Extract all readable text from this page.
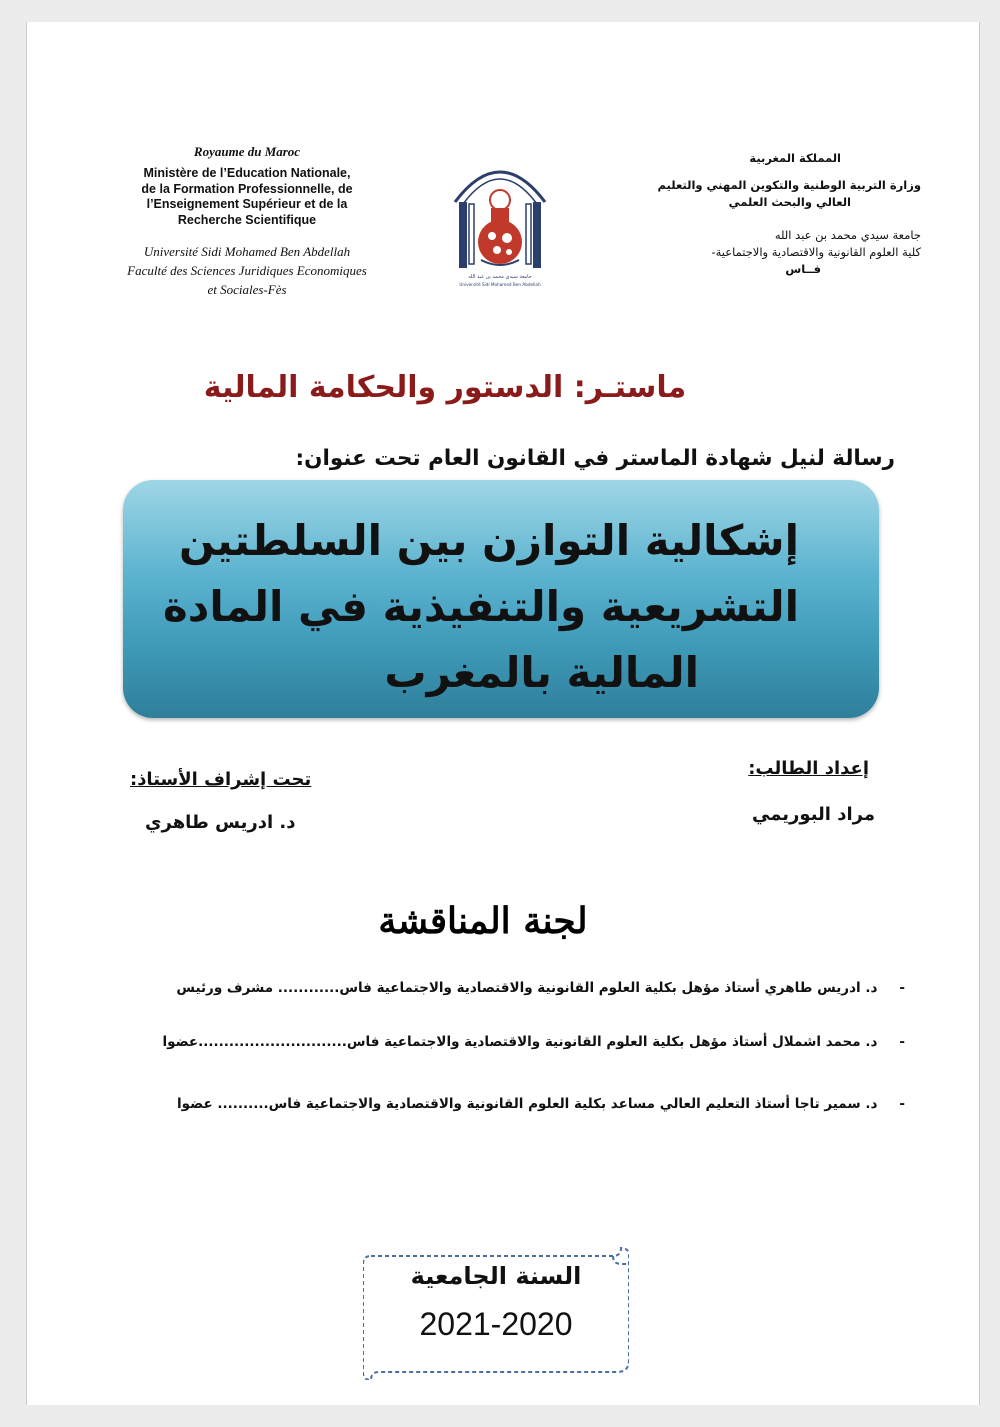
Royaume du Maroc
Ministère de l’Education Nationale,
de la Formation Professionnelle, de
l’Enseignement Supérieur et de la
Recherche Scientifique
Université Sidi Mohamed Ben Abdellah
Faculté des Sciences Juridiques Economiques
et Sociales-Fès
جامعة سيدي محمد بن عبد الله
Université Sidi Mohamed Ben Abdellah
المملكة المغربية
وزارة التربية الوطنية والتكوين المهني والتعليم
العالي والبحث العلمي
جامعة سيدي محمد بن عبد الله
كلية العلوم القانونية والاقتصادية والاجتماعية-
فــاس
ماستـر: الدستور والحكامة المالية
رسالة لنيل شهادة الماستر في القانون العام تحت عنوان:
إشكالية التوازن بين السلطتين
التشريعية والتنفيذية في المادة
المالية بالمغرب
إعداد الطالب:
مراد البوريمي
تحت إشراف الأستاذ:
د. ادريس طاهري
لجنة المناقشة
-د. ادريس طاهري أستاذ مؤهل بكلية العلوم القانونية والاقتصادية والاجتماعية فاس............ مشرف ورئيس
-د. محمد اشملال أستاذ مؤهل بكلية العلوم القانونية والاقتصادية والاجتماعية فاس.............................عضوا
-د. سمير تاجا أستاذ التعليم العالي مساعد بكلية العلوم القانونية والاقتصادية والاجتماعية فاس.......... عضوا
السنة الجامعية
2021-2020
